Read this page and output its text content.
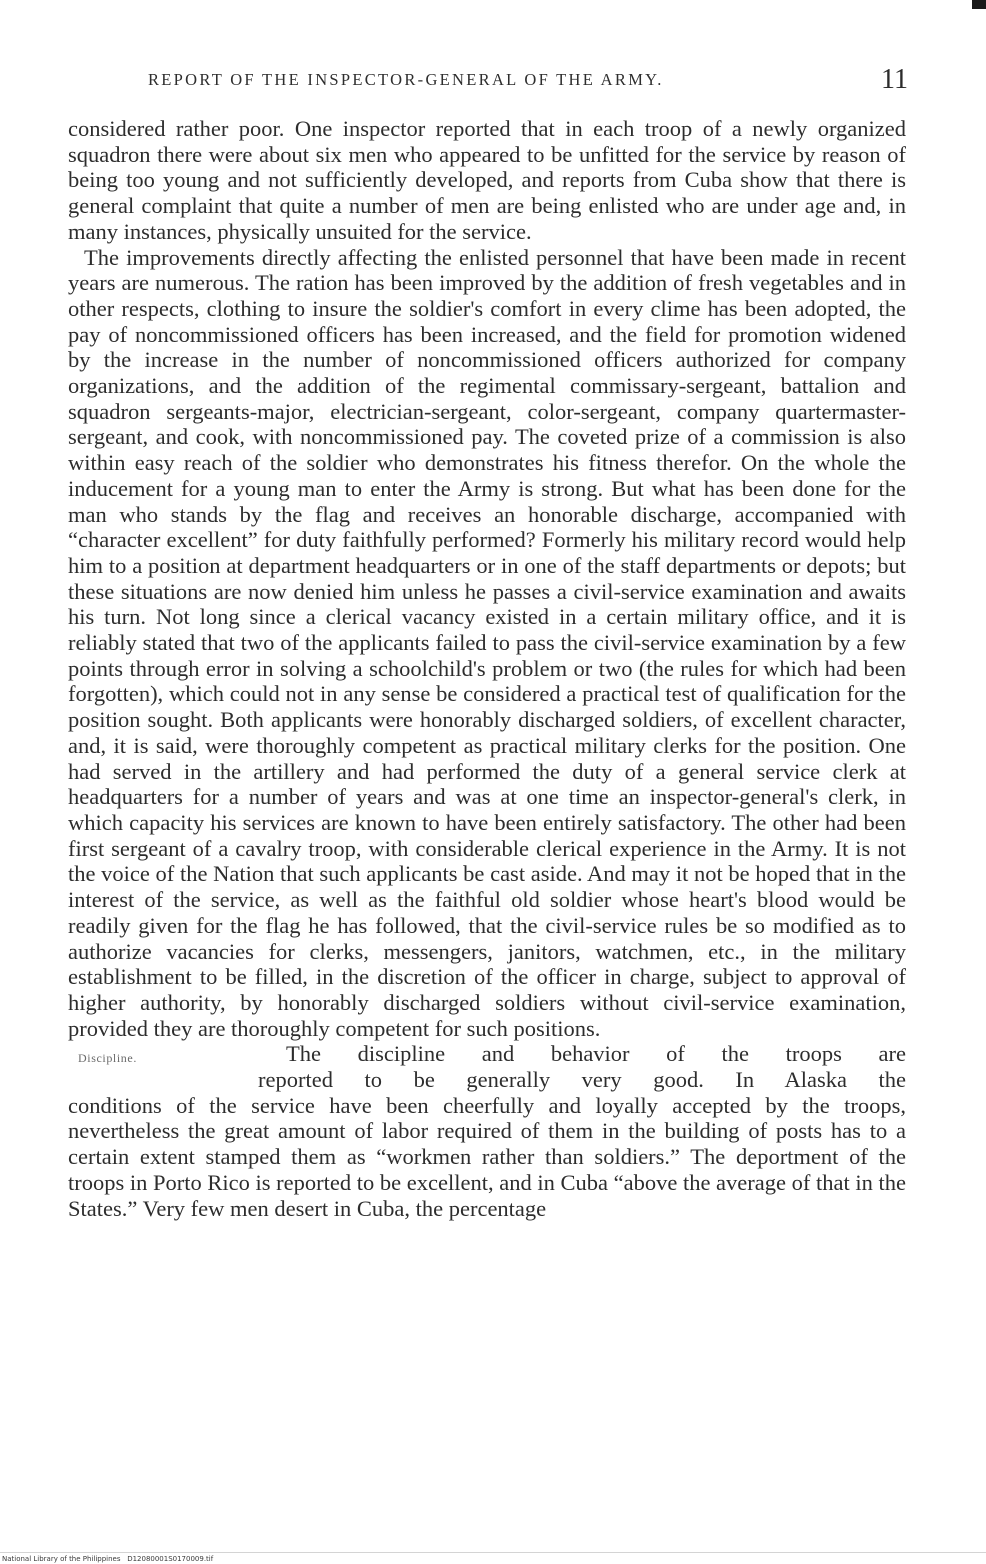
REPORT OF THE INSPECTOR-GENERAL OF THE ARMY.	11

considered rather poor. One inspector reported that in each troop of a newly organized squadron there were about six men who appeared to be unfitted for the service by reason of being too young and not sufficiently developed, and reports from Cuba show that there is general complaint that quite a number of men are being enlisted who are under age and, in many instances, physically unsuited for the service.

The improvements directly affecting the enlisted personnel that have been made in recent years are numerous. The ration has been improved by the addition of fresh vegetables and in other respects, clothing to insure the soldier's comfort in every clime has been adopted, the pay of noncommissioned officers has been increased, and the field for promotion widened by the increase in the number of noncommissioned officers authorized for company organizations, and the addition of the regimental commissary-sergeant, battalion and squadron sergeants-major, electrician-sergeant, color-sergeant, company quartermaster-sergeant, and cook, with noncommissioned pay. The coveted prize of a commission is also within easy reach of the soldier who demonstrates his fitness therefor. On the whole the inducement for a young man to enter the Army is strong. But what has been done for the man who stands by the flag and receives an honorable discharge, accompanied with “character excellent” for duty faithfully performed? Formerly his military record would help him to a position at department headquarters or in one of the staff departments or depots; but these situations are now denied him unless he passes a civil-service examination and awaits his turn. Not long since a clerical vacancy existed in a certain military office, and it is reliably stated that two of the applicants failed to pass the civil-service examination by a few points through error in solving a schoolchild's problem or two (the rules for which had been forgotten), which could not in any sense be considered a practical test of qualification for the position sought. Both applicants were honorably discharged soldiers, of excellent character, and, it is said, were thoroughly competent as practical military clerks for the position. One had served in the artillery and had performed the duty of a general service clerk at headquarters for a number of years and was at one time an inspector-general's clerk, in which capacity his services are known to have been entirely satisfactory. The other had been first sergeant of a cavalry troop, with considerable clerical experience in the Army. It is not the voice of the Nation that such applicants be cast aside. And may it not be hoped that in the interest of the service, as well as the faithful old soldier whose heart's blood would be readily given for the flag he has followed, that the civil-service rules be so modified as to authorize vacancies for clerks, messengers, janitors, watchmen, etc., in the military establishment to be filled, in the discretion of the officer in charge, subject to approval of higher authority, by honorably discharged soldiers without civil-service examination, provided they are thoroughly competent for such positions.

Discipline.	The discipline and behavior of the troops are
reported to be generally very good. In Alaska the

conditions of the service have been cheerfully and loyally accepted by the troops, nevertheless the great amount of labor required of them in the building of posts has to a certain extent stamped them as “workmen rather than soldiers.” The deportment of the troops in Porto Rico is reported to be excellent, and in Cuba “above the average of that in the States.” Very few men desert in Cuba, the percentage

National Library of the Philippines D12080001S0170009.tif
